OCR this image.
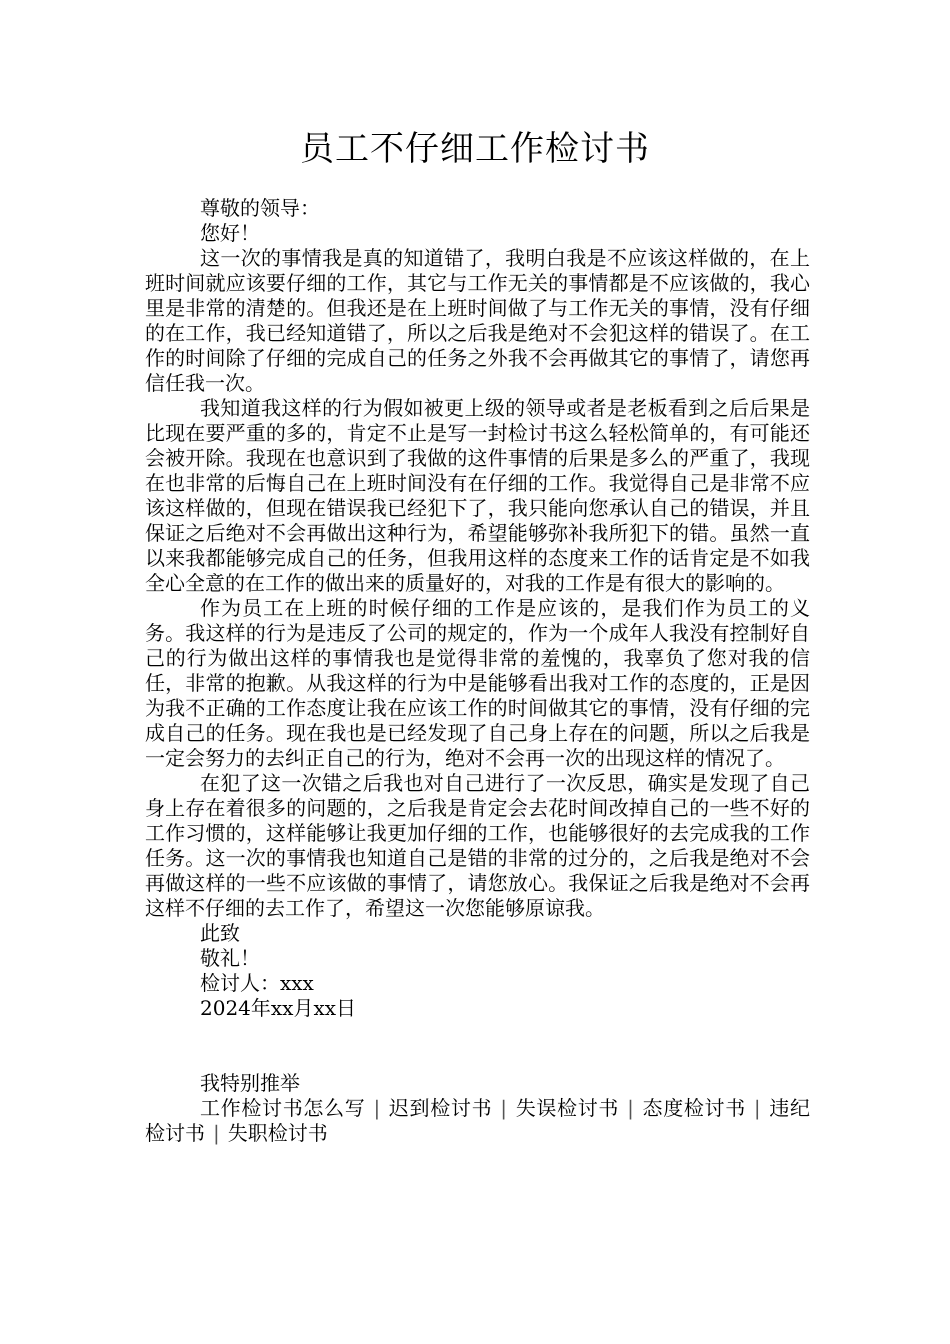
员工不仔细工作检讨书

尊敬的领导：

您好！

这一次的事情我是真的知道错了，我明白我是不应该这样做的，在上班时间就应该要仔细的工作，其它与工作无关的事情都是不应该做的，我心里是非常的清楚的。但我还是在上班时间做了与工作无关的事情，没有仔细的在工作，我已经知道错了，所以之后我是绝对不会犯这样的错误了。在工作的时间除了仔细的完成自己的任务之外我不会再做其它的事情了，请您再信任我一次。

我知道我这样的行为假如被更上级的领导或者是老板看到之后后果是比现在要严重的多的，肯定不止是写一封检讨书这么轻松简单的，有可能还会被开除。我现在也意识到了我做的这件事情的后果是多么的严重了，我现在也非常的后悔自己在上班时间没有在仔细的工作。我觉得自己是非常不应该这样做的，但现在错误我已经犯下了，我只能向您承认自己的错误，并且保证之后绝对不会再做出这种行为，希望能够弥补我所犯下的错。虽然一直以来我都能够完成自己的任务，但我用这样的态度来工作的话肯定是不如我全心全意的在工作的做出来的质量好的，对我的工作是有很大的影响的。

作为员工在上班的时候仔细的工作是应该的，是我们作为员工的义务。我这样的行为是违反了公司的规定的，作为一个成年人我没有控制好自己的行为做出这样的事情我也是觉得非常的羞愧的，我辜负了您对我的信任，非常的抱歉。从我这样的行为中是能够看出我对工作的态度的，正是因为我不正确的工作态度让我在应该工作的时间做其它的事情，没有仔细的完成自己的任务。现在我也是已经发现了自己身上存在的问题，所以之后我是一定会努力的去纠正自己的行为，绝对不会再一次的出现这样的情况了。

在犯了这一次错之后我也对自己进行了一次反思，确实是发现了自己身上存在着很多的问题的，之后我是肯定会去花时间改掉自己的一些不好的工作习惯的，这样能够让我更加仔细的工作，也能够很好的去完成我的工作任务。这一次的事情我也知道自己是错的非常的过分的，之后我是绝对不会再做这样的一些不应该做的事情了，请您放心。我保证之后我是绝对不会再这样不仔细的去工作了，希望这一次您能够原谅我。

此致

敬礼！

检讨人：xxx

2024年xx月xx日

我特别推举

工作检讨书怎么写 | 迟到检讨书 | 失误检讨书 | 态度检讨书 | 违纪检讨书 | 失职检讨书
